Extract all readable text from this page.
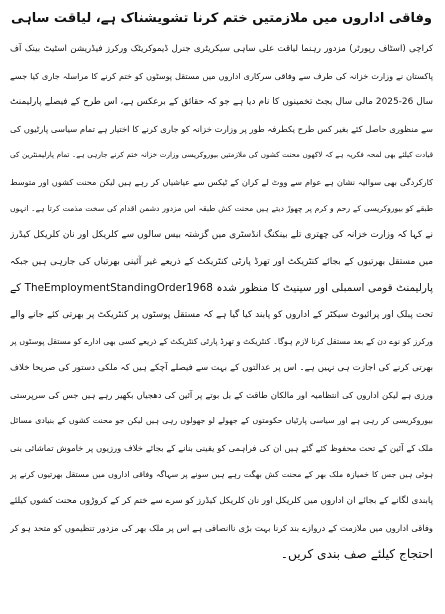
وفاقی اداروں میں ملازمتیں ختم کرنا تشویشناک ہے، لیاقت ساہی
کراچی (اسٹاف رپورٹر) مزدور رہنما لیاقت علی ساہی سیکریٹری جنرل ڈیموکریٹک ورکرز فیڈریشن اسٹیٹ بینک آف
پاکستان نے وزارت خزانہ کی طرف سے وفاقی سرکاری اداروں میں مستقل پوسٹوں کو ختم کرنے کا مراسلہ جاری کیا جسے
سال 26-2025 مالی سال بجٹ تخمینوں کا نام دیا ہے جو کہ حقائق کے برعکس ہے، اس طرح کے فیصلے پارلیمنٹ
سے منظوری حاصل کئے بغیر کس طرح یکطرفہ طور پر وزارت خزانہ کو جاری کرنے کا اختیار ہے تمام سیاسی پارٹیوں کی
قیادت کیلئے بھی لمحہ فکریہ ہے کہ لاکھوں محنت کشوں کی ملازمتیں بیوروکریسی وزارت خزانہ ختم کرنے جارہی ہے۔ تمام پارلیمنٹرین کی
کارکردگی بھی سوالیہ نشان ہے عوام سے ووٹ لے کران کے ٹیکس سے عیاشیاں کر رہے ہیں لیکن محنت کشوں اور متوسط
طبقے کو بیوروکریسی کے رحم و کرم پر چھوڑ دیتے ہیں محنت کش طبقہ اس مزدور دشمن اقدام کی سخت مذمت کرتا ہے۔ انہوں
نے کہا کہ وزارت خزانہ کی چھتری تلے بینکنگ انڈسٹری میں گزشتہ بیس سالوں سے کلریکل اور نان کلریکل کیڈرز
میں مستقل بھرتیوں کے بجائے کنٹریکٹ اور تھرڈ پارٹی کنٹریکٹ کے ذریعے غیر آئینی بھرتیاں کی جارہی ہیں جبکہ
پارلیمنٹ قومی اسمبلی اور سینیٹ کا منظور شدہ TheEmploymentStandingOrder1968 کے
تحت پبلک اور پرائیوٹ سیکٹر کے اداروں کو پابند کیا گیا ہے کہ مستقل پوسٹوں پر کنٹریکٹ پر بھرتی کئے جانے والے
ورکرز کو نوے دن کے بعد مستقل کرنا لازم ہوگا۔ کنٹریکٹ و تھرڈ پارٹی کنٹریکٹ کے ذریعے کسی بھی ادارے کو مستقل پوسٹوں پر
بھرتی کرنے کی اجازت ہی نہیں ہے۔ اس پر عدالتوں کے بہت سے فیصلے آچکے ہیں کہ ملکی دستور کی صریحا خلاف
ورزی ہے لیکن اداروں کی انتظامیہ اور مالکان طاقت کے بل بوتے پر آئین کی دھجیاں بکھیر رہے ہیں جس کی سرپرستی
بیوروکریسی کر رہی ہے اور سیاسی پارٹیاں حکومتوں کے جھولے لو جھولوں رہی ہیں لیکن جو محنت کشوں کے بنیادی مسائل
ملک کے آئین کے تحت محفوظ کئے گئے ہیں ان کی فراہمی کو یقینی بنانے کے بجائے خلاف ورزیوں پر خاموش تماشائی بنی
ہوئی ہیں جس کا خمیازہ ملک بھر کے محنت کش بھگت رہے ہیں سونے پر سہاگہ وفاقی اداروں میں مستقل بھرتیوں کرنے پر
پابندی لگانے کے بجائے ان اداروں میں کلریکل اور نان کلریکل کیڈرز کو سرے سے ختم کر کے کروڑوں محنت کشوں کیلئے
وفاقی اداروں میں ملازمت کے دروازے بند کرنا بہت بڑی ناانصافی ہے اس پر ملک بھر کی مزدور تنظیموں کو متحد ہو کر
احتجاج کیلئے صف بندی کریں۔
